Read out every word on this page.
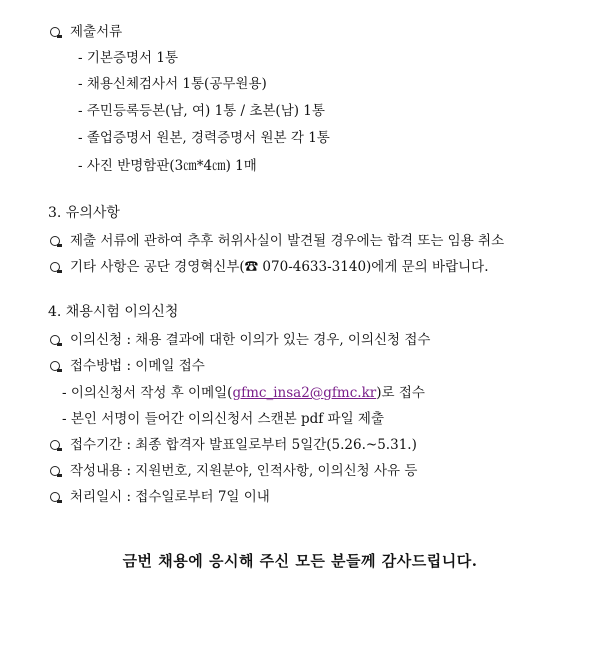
제출서류
- 기본증명서 1통
- 채용신체검사서 1통(공무원용)
- 주민등록등본(남, 여) 1통 / 초본(남) 1통
- 졸업증명서 원본, 경력증명서 원본 각 1통
- 사진 반명함판(3㎝*4㎝) 1매
3. 유의사항
제출 서류에 관하여 추후 허위사실이 발견될 경우에는 합격 또는 임용 취소
기타 사항은 공단 경영혁신부(☎ 070-4633-3140)에게 문의 바랍니다.
4. 채용시험 이의신청
이의신청 : 채용 결과에 대한 이의가 있는 경우, 이의신청 접수
접수방법 : 이메일 접수
- 이의신청서 작성 후 이메일(gfmc_insa2@gfmc.kr)로 접수
- 본인 서명이 들어간 이의신청서 스캔본 pdf 파일 제출
접수기간 : 최종 합격자 발표일로부터 5일간(5.26.~5.31.)
작성내용 : 지원번호, 지원분야, 인적사항, 이의신청 사유 등
처리일시 : 접수일로부터 7일 이내
금번 채용에 응시해 주신 모든 분들께 감사드립니다.
